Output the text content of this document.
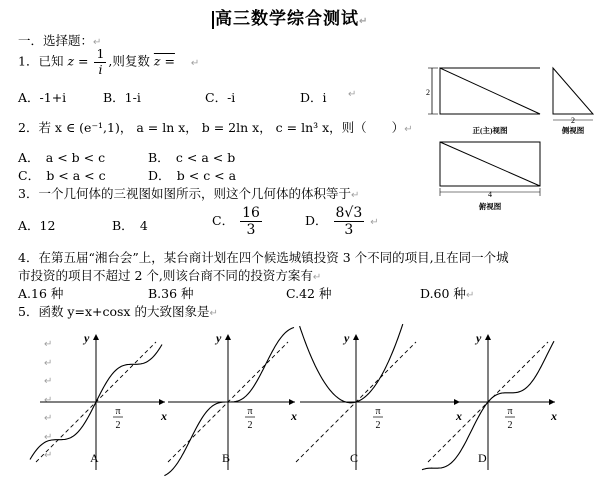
高三数学综合测试↵
一．选择题：↵
1．已知 $z = \frac{1}{i}$ ,则复数 z = ↵
A．-1+i	B．1-i	C．-i	D．i ↵
2．若 x ∈ (e⁻¹,1)， a = ln x， b = 2ln x， c = ln³ x，则（　　）↵
A．　a < b < c	B．　c < a < b
C．　b < a < c	D．　b < c < a
3．一个几何体的三视图如图所示，则这个几何体的体积等于↵
A．12	B．　4	C． $\frac{16}{3}$	D． $\frac{8√3}{3}$ ↵
4．在第五届“湘台会”上，某台商计划在四个候选城镇投资 3 个不同的项目,且在同一个城
市投资的项目不超过 2 个,则该台商不同的投资方案有↵
A.16 种	B.36 种	C.42 种	D.60 种↵
5．函数 y=x+cosx 的大致图象是↵
↵
↵
↵
↵
↵
↵
↵
2
正(主)视图
2
侧视图
4
俯视图
y
x
π
2
A
y
x
π
2
B
y
x
π
2
C
y
x
π
2
D
